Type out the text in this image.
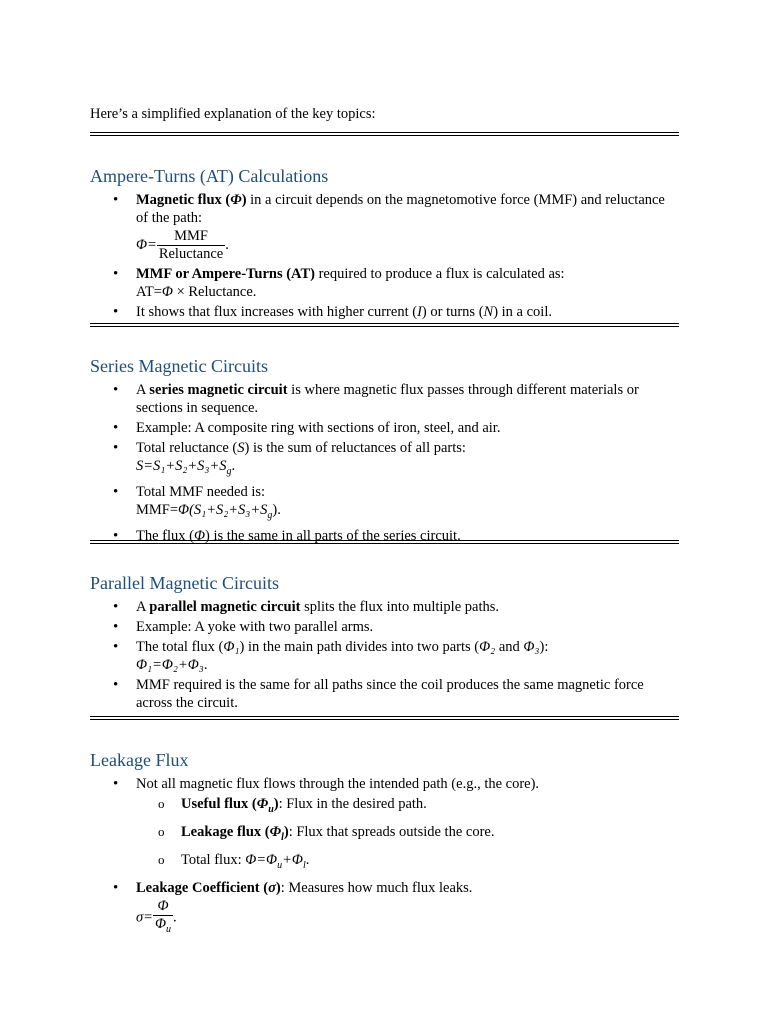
Here’s a simplified explanation of the key topics:
Ampere-Turns (AT) Calculations
• Magnetic flux (Φ) in a circuit depends on the magnetomotive force (MMF) and reluctance of the path:
$\Phi= \frac{\text{MMF}}{\text{Reluctance}}$ .
• MMF or Ampere-Turns (AT) required to produce a flux is calculated as:
AT=Φ × Reluctance.
• It shows that flux increases with higher current (I) or turns (N) in a coil.
Series Magnetic Circuits
• A series magnetic circuit is where magnetic flux passes through different materials or sections in sequence.
• Example: A composite ring with sections of iron, steel, and air.
• Total reluctance (S) is the sum of reluctances of all parts:
$S=S_1+S_2+S_3+S_g$.
• Total MMF needed is:
$MMF=\Phi(S_1+S_2+S_3+S_g)$.
• The flux (Φ) is the same in all parts of the series circuit.
Parallel Magnetic Circuits
• A parallel magnetic circuit splits the flux into multiple paths.
• Example: A yoke with two parallel arms.
• The total flux (Φ₁) in the main path divides into two parts (Φ₂ and Φ₃):
Φ₁=Φ₂+Φ₃.
• MMF required is the same for all paths since the coil produces the same magnetic force across the circuit.
Leakage Flux
• Not all magnetic flux flows through the intended path (e.g., the core).
o Useful flux $(\Phi_u)$: Flux in the desired path.
o Leakage flux $(\Phi_l)$: Flux that spreads outside the core.
o Total flux: $\Phi=\Phi_u+\Phi_l$.
• Leakage Coefficient (σ): Measures how much flux leaks.
$\sigma= \frac{\Phi}{\Phi_u}$ .
